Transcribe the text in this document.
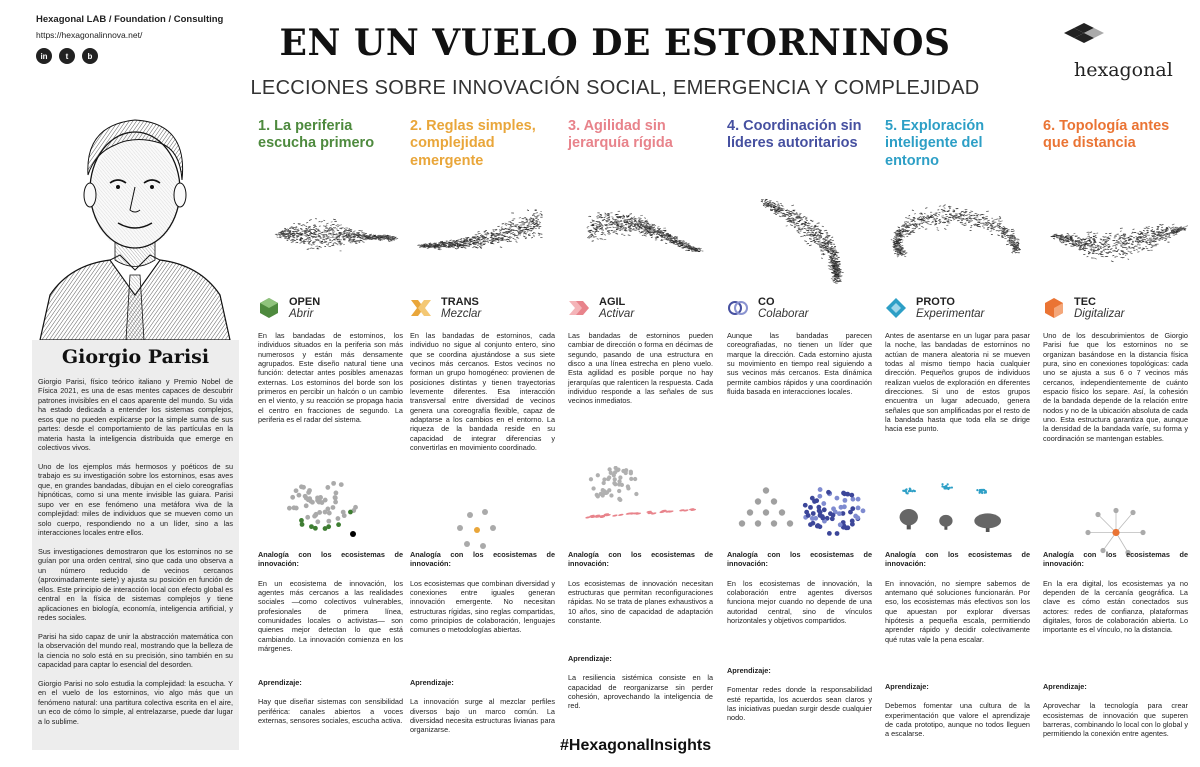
Hexagonal LAB / Foundation / Consulting
https://hexagonalinnova.net/
in	t	b	EN UN VUELO DE ESTORNINOS
LECCIONES SOBRE INNOVACIÓN SOCIAL, EMERGENCIA Y COMPLEJIDAD
hexagonal
Giorgio Parisi

Giorgio Parisi, físico teórico italiano y Premio Nobel de Física 2021, es una de esas mentes capaces de descubrir patrones invisibles en el caos aparente del mundo. Su vida ha estado dedicada a entender los sistemas complejos, esos que no pueden explicarse por la simple suma de sus partes: desde el comportamiento de las partículas en la materia hasta la inteligencia distribuida que emerge en colectivos vivos.

Uno de los ejemplos más hermosos y poéticos de su trabajo es su investigación sobre los estorninos, esas aves que, en grandes bandadas, dibujan en el cielo coreografías hipnóticas, como si una mente invisible las guiara. Parisi supo ver en ese fenómeno una metáfora viva de la complejidad: miles de individuos que se mueven como un solo cuerpo, respondiendo no a un líder, sino a las interacciones locales entre ellos.

Sus investigaciones demostraron que los estorninos no se guían por una orden central, sino que cada uno observa a un número reducido de vecinos cercanos (aproximadamente siete) y ajusta su posición en función de ellos. Este principio de interacción local con efecto global es central en la física de sistemas complejos y tiene aplicaciones en biología, economía, inteligencia artificial, y redes sociales.

Parisi ha sido capaz de unir la abstracción matemática con la observación del mundo real, mostrando que la belleza de la ciencia no solo está en su precisión, sino también en su capacidad para captar lo esencial del desorden.

Giorgio Parisi no solo estudia la complejidad: la escucha. Y en el vuelo de los estorninos, vio algo más que un fenómeno natural: una partitura colectiva escrita en el aire, un eco de cómo lo simple, al entrelazarse, puede dar lugar a lo sublime.

1. La periferia escucha primero
OPEN
Abrir
En las bandadas de estorninos, los individuos situados en la periferia son más numerosos y están más densamente agrupados. Este diseño natural tiene una función: detectar antes posibles amenazas externas. Los estorninos del borde son los primeros en percibir un halcón o un cambio en el viento, y su reacción se propaga hacia el centro en fracciones de segundo. La periferia es el radar del sistema.
Analogía con los ecosistemas de innovación:
En un ecosistema de innovación, los agentes más cercanos a las realidades sociales —como colectivos vulnerables, profesionales de primera línea, comunidades locales o activistas— son quienes mejor detectan lo que está cambiando. La innovación comienza en los márgenes.
Aprendizaje:
Hay que diseñar sistemas con sensibilidad periférica: canales abiertos a voces externas, sensores sociales, escucha activa.
2. Reglas simples, complejidad emergente
TRANS
Mezclar
En las bandadas de estorninos, cada individuo no sigue al conjunto entero, sino que se coordina ajustándose a sus siete vecinos más cercanos. Estos vecinos no forman un grupo homogéneo: provienen de posiciones distintas y tienen trayectorias levemente diferentes. Esa interacción transversal entre diversidad de vecinos genera una coreografía flexible, capaz de adaptarse a los cambios en el entorno. La riqueza de la bandada reside en su capacidad de integrar diferencias y convertirlas en movimiento coordinado.
Analogía con los ecosistemas de innovación:
Los ecosistemas que combinan diversidad y conexiones entre iguales generan innovación emergente. No necesitan estructuras rígidas, sino reglas compartidas, como principios de colaboración, lenguajes comunes o metodologías abiertas.
Aprendizaje:
La innovación surge al mezclar perfiles diversos bajo un marco común. La diversidad necesita estructuras livianas para organizarse.
3. Agilidad sin jerarquía rígida
AGIL
Activar
Las bandadas de estorninos pueden cambiar de dirección o forma en décimas de segundo, pasando de una estructura en disco a una línea estrecha en pleno vuelo. Esta agilidad es posible porque no hay jerarquías que ralenticen la respuesta. Cada individuo responde a las señales de sus vecinos inmediatos.
Analogía con los ecosistemas de innovación:
Los ecosistemas de innovación necesitan estructuras que permitan reconfiguraciones rápidas. No se trata de planes exhaustivos a 10 años, sino de capacidad de adaptación constante.
Aprendizaje:
La resiliencia sistémica consiste en la capacidad de reorganizarse sin perder cohesión, aprovechando la inteligencia de red.
4. Coordinación sin líderes autoritarios
CO
Colaborar
Aunque las bandadas parecen coreografiadas, no tienen un líder que marque la dirección. Cada estornino ajusta su movimiento en tiempo real siguiendo a sus vecinos más cercanos. Esta dinámica permite cambios rápidos y una coordinación fluida basada en interacciones locales.
Analogía con los ecosistemas de innovación:
En los ecosistemas de innovación, la colaboración entre agentes diversos funciona mejor cuando no depende de una autoridad central, sino de vínculos horizontales y objetivos compartidos.
Aprendizaje:
Fomentar redes donde la responsabilidad esté repartida, los acuerdos sean claros y las iniciativas puedan surgir desde cualquier nodo.
5. Exploración inteligente del entorno
PROTO
Experimentar
Antes de asentarse en un lugar para pasar la noche, las bandadas de estorninos no actúan de manera aleatoria ni se mueven todas al mismo tiempo hacia cualquier dirección. Pequeños grupos de individuos realizan vuelos de exploración en diferentes direcciones. Si uno de estos grupos encuentra un lugar adecuado, genera señales que son amplificadas por el resto de la bandada hasta que toda ella se dirige hacia ese punto.
Analogía con los ecosistemas de innovación:
En innovación, no siempre sabemos de antemano qué soluciones funcionarán. Por eso, los ecosistemas más efectivos son los que apuestan por explorar diversas hipótesis a pequeña escala, permitiendo aprender rápido y decidir colectivamente qué rutas vale la pena escalar.
Aprendizaje:
Debemos fomentar una cultura de la experimentación que valore el aprendizaje de cada prototipo, aunque no todos lleguen a escalarse.
6. Topología antes que distancia
TEC
Digitalizar
Uno de los descubrimientos de Giorgio Parisi fue que los estorninos no se organizan basándose en la distancia física pura, sino en conexiones topológicas: cada uno se ajusta a sus 6 o 7 vecinos más cercanos, independientemente de cuánto espacio físico los separe. Así, la cohesión de la bandada depende de la relación entre nodos y no de la ubicación absoluta de cada uno. Esta estructura garantiza que, aunque la densidad de la bandada varíe, su forma y coordinación se mantengan estables.
Analogía con los ecosistemas de innovación:
En la era digital, los ecosistemas ya no dependen de la cercanía geográfica. La clave es cómo están conectados sus actores: redes de confianza, plataformas digitales, foros de colaboración abierta. Lo importante es el vínculo, no la distancia.
Aprendizaje:
Aprovechar la tecnología para crear ecosistemas de innovación que superen barreras, combinando lo local con lo global y permitiendo la conexión entre agentes.
#HexagonalInsights
